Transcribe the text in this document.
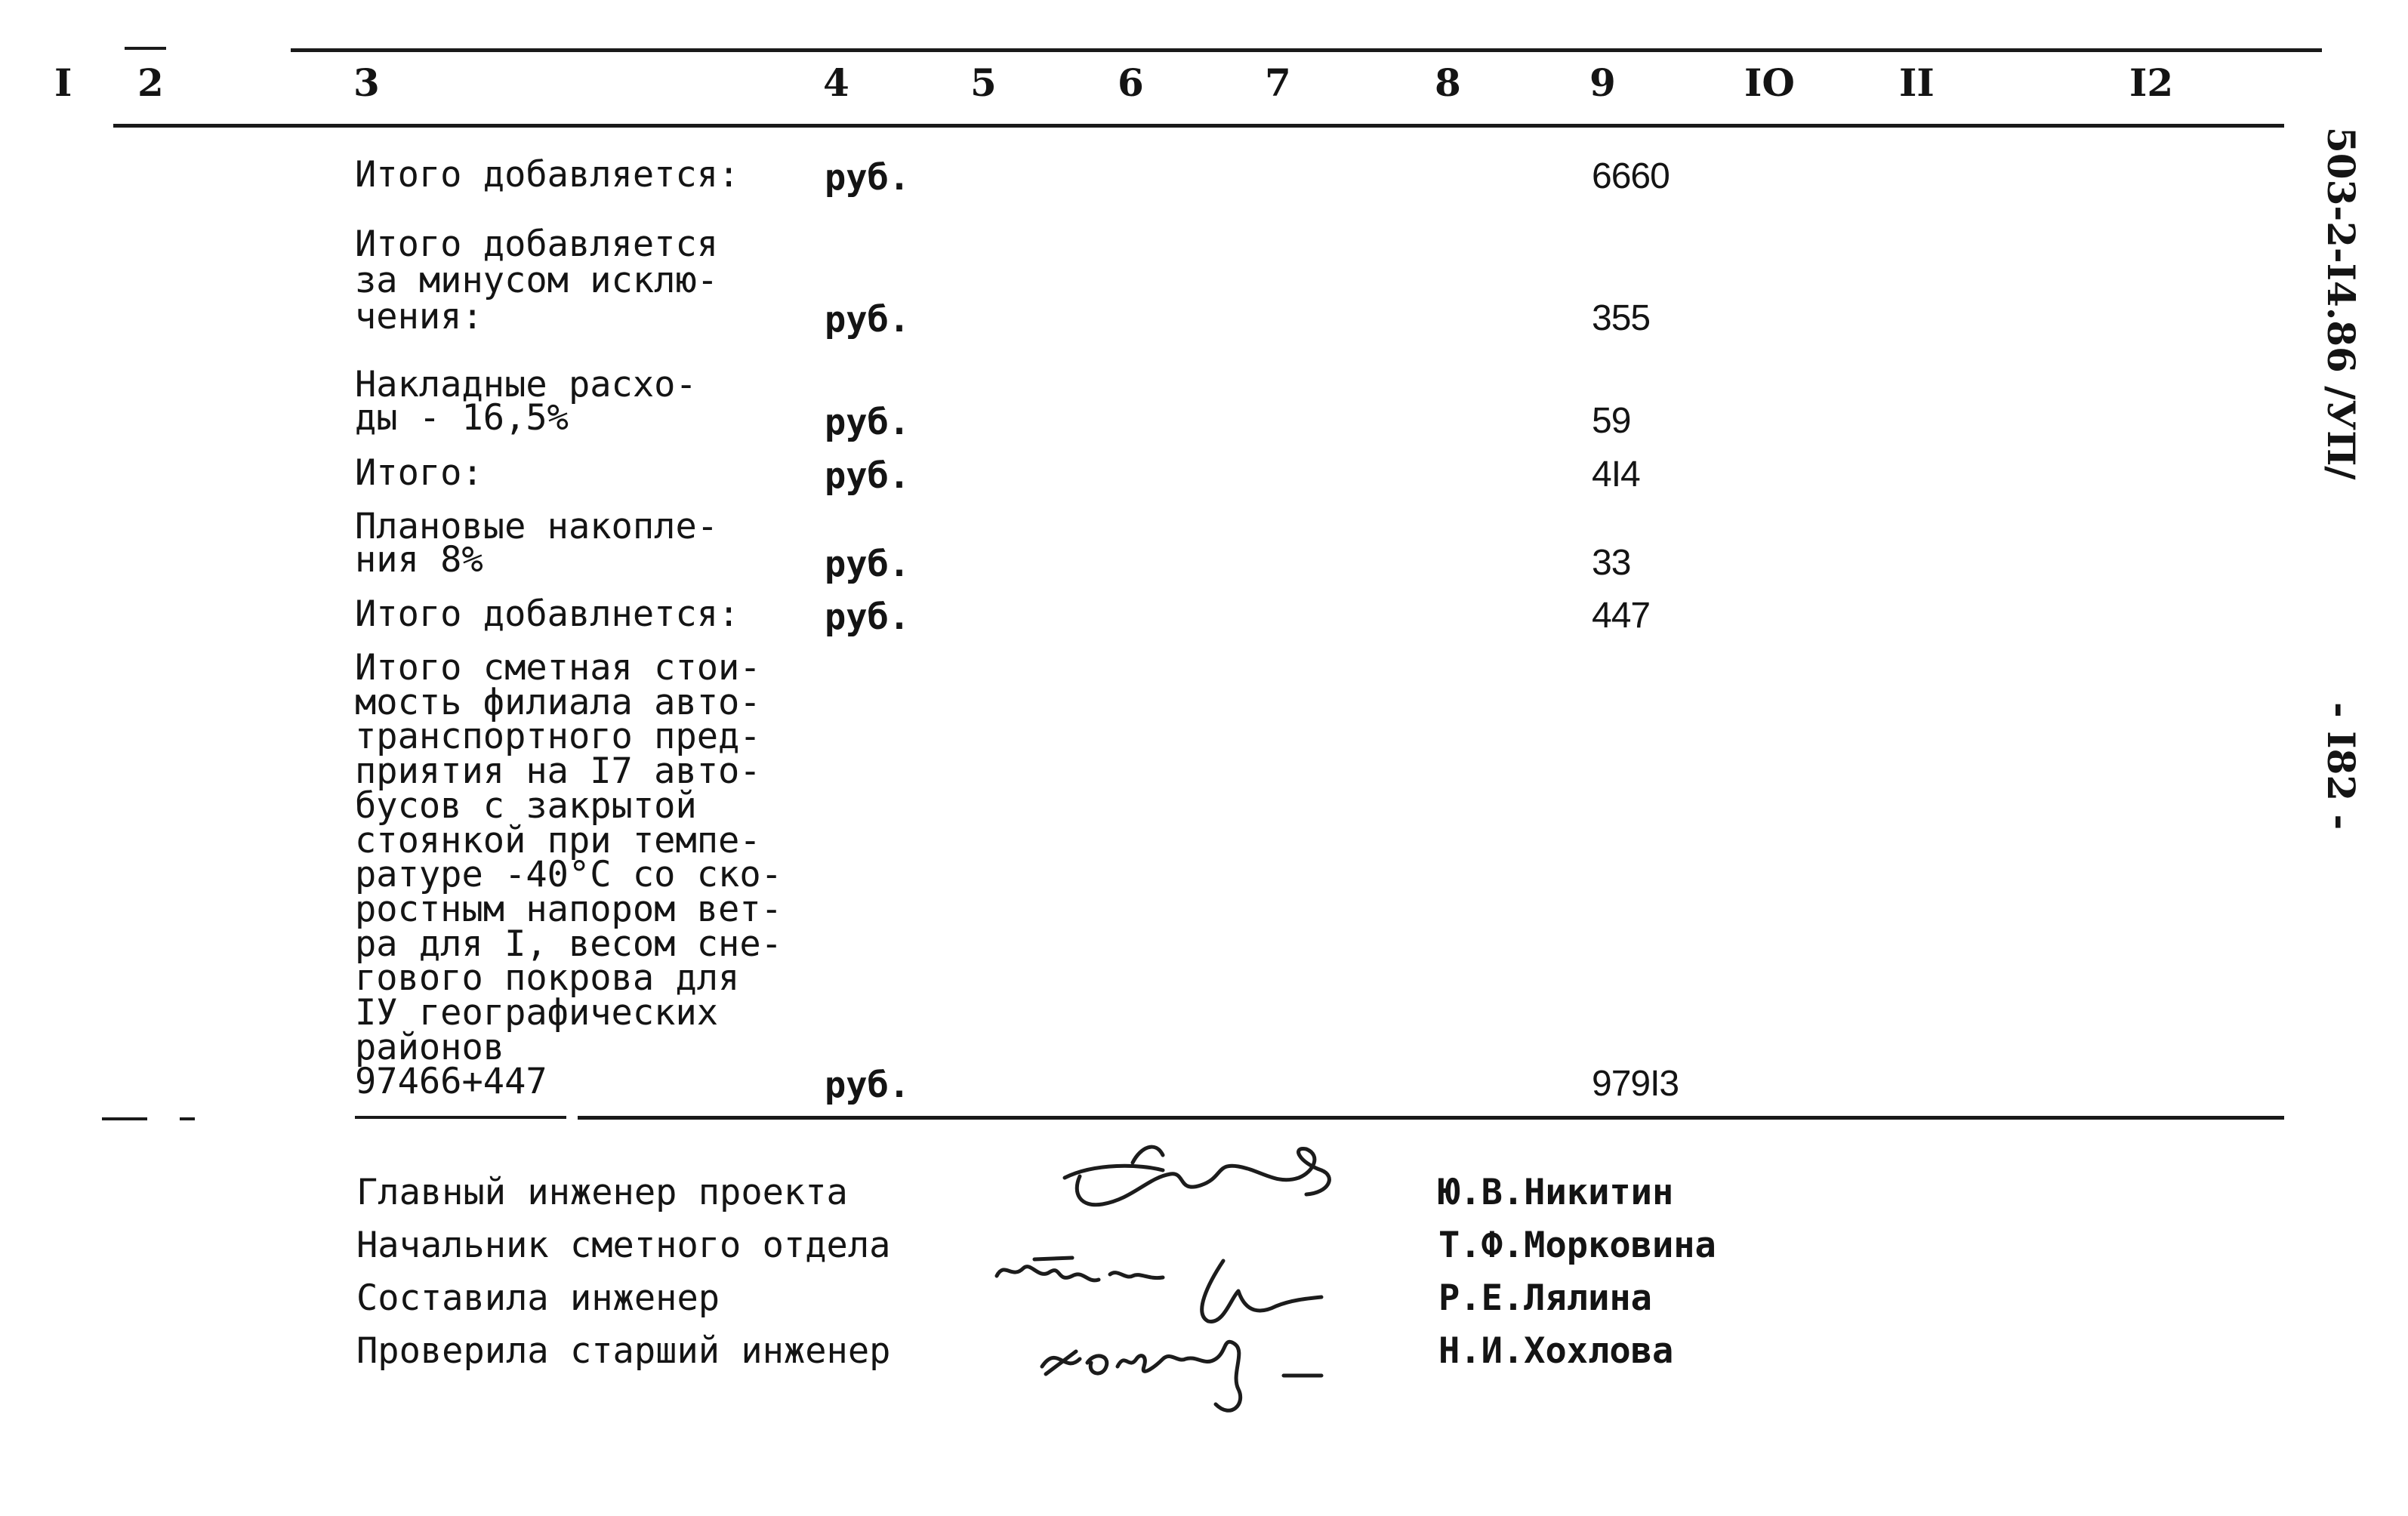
I 2	3	4	5	6	7	8	9	IO	II	I2
Итого добавляется: руб.	6660
Итого добавляется
за минусом исклю-
чения:	руб.	355
Накладные расхо-
ды - 16,5%	руб.	59
Итого:	руб.	4I4
Плановые накопле-
ния 8%	руб.	33
Итого добавлнется: руб.	447
Итого сметная стои-
мость филиала авто-
транспортного пред-
приятия на I7 авто-
бусов с закрытой
стоянкой при темпе-
ратуре -40°С со ско-
ростным напором вет-
ра для I, весом сне-
гового покрова для
IУ географических
районов
97466+447	руб.	979I3
Главный инженер проекта	Ю.В.Никитин
Начальник сметного отдела	Т.Ф.Морковина
Составила инженер	Р.Е.Лялина
Проверила старший инженер	Н.И.Хохлова
503-2-I4.86 /УП/
- I82 -
